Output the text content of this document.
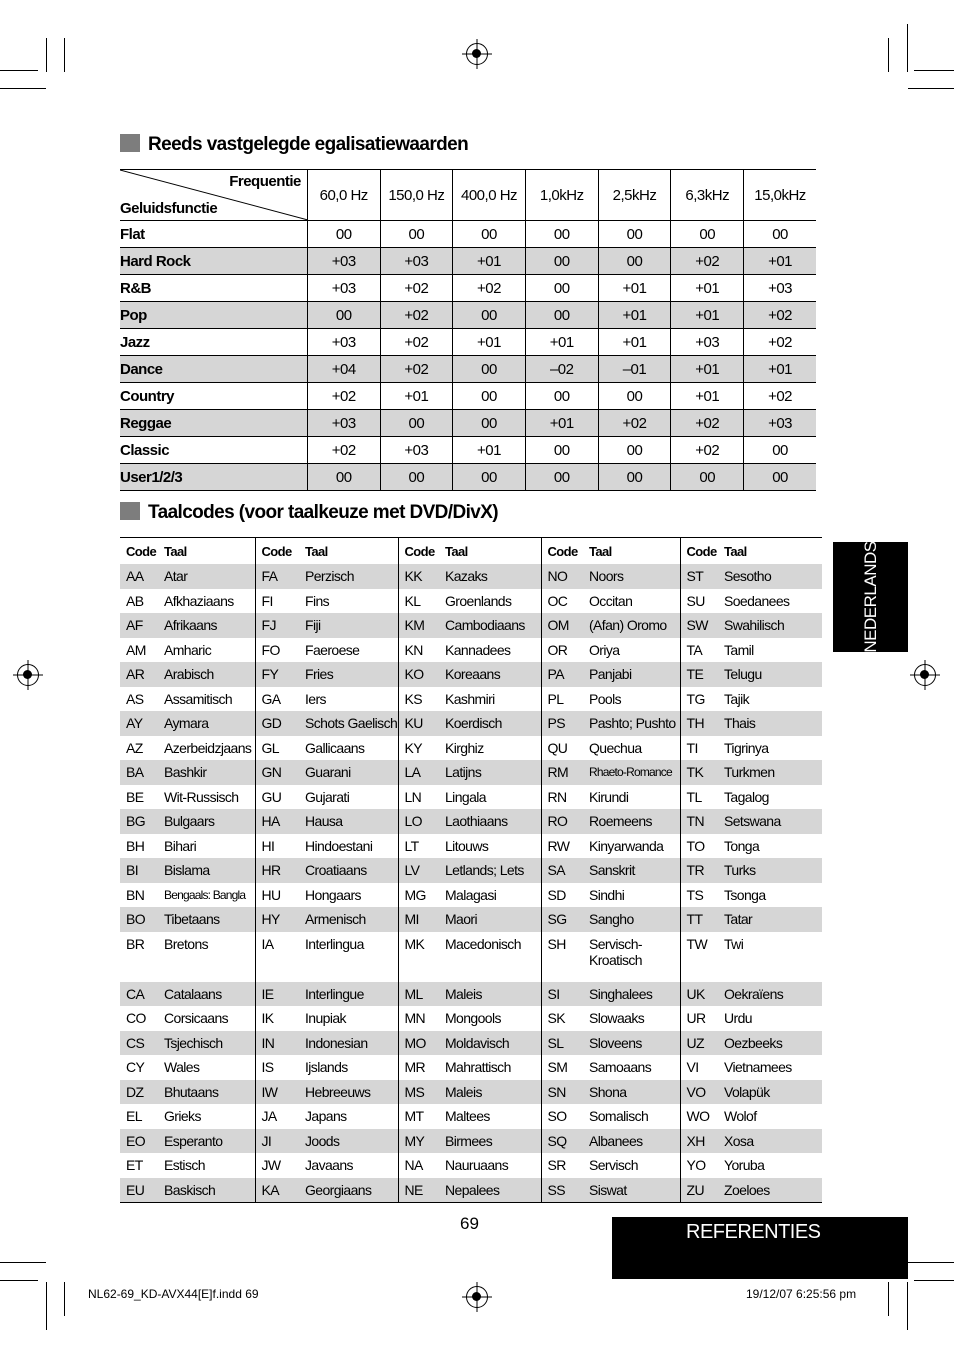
Reeds vastgelegde egalisatiewaarden
Frequentie
Geluidsfunctie	60,0 Hz	150,0 Hz	400,0 Hz	1,0kHz	2,5kHz	6,3kHz	15,0kHz
Flat	00	00	00	00	00	00	00
Hard Rock	+03	+03	+01	00	00	+02	+01
R&B	+03	+02	+02	00	+01	+01	+03
Pop	00	+02	00	00	+01	+01	+02
Jazz	+03	+02	+01	+01	+01	+03	+02
Dance	+04	+02	00	–02	–01	+01	+01
Country	+02	+01	00	00	00	+01	+02
Reggae	+03	00	00	+01	+02	+02	+03
Classic	+02	+03	+01	00	00	+02	00
User1/2/3	00	00	00	00	00	00	00
Taalcodes (voor taalkeuze met DVD/DivX)
Code	Taal	Code	Taal	Code	Taal	Code	Taal	Code	Taal
AA	Atar	FA	Perzisch	KK	Kazaks	NO	Noors	ST	Sesotho
AB	Afkhaziaans	FI	Fins	KL	Groenlands	OC	Occitan	SU	Soedanees
AF	Afrikaans	FJ	Fiji	KM	Cambodiaans	OM	(Afan) Oromo	SW	Swahilisch
AM	Amharic	FO	Faeroese	KN	Kannadees	OR	Oriya	TA	Tamil
AR	Arabisch	FY	Fries	KO	Koreaans	PA	Panjabi	TE	Telugu
AS	Assamitisch	GA	Iers	KS	Kashmiri	PL	Pools	TG	Tajik
AY	Aymara	GD	Schots Gaelisch	KU	Koerdisch	PS	Pashto; Pushto	TH	Thais
AZ	Azerbeidzjaans	GL	Gallicaans	KY	Kirghiz	QU	Quechua	TI	Tigrinya
BA	Bashkir	GN	Guarani	LA	Latijns	RM	Rhaeto-Romance	TK	Turkmen
BE	Wit-Russisch	GU	Gujarati	LN	Lingala	RN	Kirundi	TL	Tagalog
BG	Bulgaars	HA	Hausa	LO	Laothiaans	RO	Roemeens	TN	Setswana
BH	Bihari	HI	Hindoestani	LT	Litouws	RW	Kinyarwanda	TO	Tonga
BI	Bislama	HR	Croatiaans	LV	Letlands; Lets	SA	Sanskrit	TR	Turks
BN	Bengaals: Bangla	HU	Hongaars	MG	Malagasi	SD	Sindhi	TS	Tsonga
BO	Tibetaans	HY	Armenisch	MI	Maori	SG	Sangho	TT	Tatar
BR	Bretons	IA	Interlingua	MK	Macedonisch	SH	Servisch-Kroatisch	TW	Twi
CA	Catalaans	IE	Interlingue	ML	Maleis	SI	Singhalees	UK	Oekraïens
CO	Corsicaans	IK	Inupiak	MN	Mongools	SK	Slowaaks	UR	Urdu
CS	Tsjechisch	IN	Indonesian	MO	Moldavisch	SL	Sloveens	UZ	Oezbeeks
CY	Wales	IS	Ijslands	MR	Mahrattisch	SM	Samoaans	VI	Vietnamees
DZ	Bhutaans	IW	Hebreeuws	MS	Maleis	SN	Shona	VO	Volapük
EL	Grieks	JA	Japans	MT	Maltees	SO	Somalisch	WO	Wolof
EO	Esperanto	JI	Joods	MY	Birmees	SQ	Albanees	XH	Xosa
ET	Estisch	JW	Javaans	NA	Nauruaans	SR	Servisch	YO	Yoruba
EU	Baskisch	KA	Georgiaans	NE	Nepalees	SS	Siswat	ZU	Zoeloes
NEDERLANDS
REFERENTIES
69
NL62-69_KD-AVX44[E]f.indd 69	19/12/07 6:25:56 pm
